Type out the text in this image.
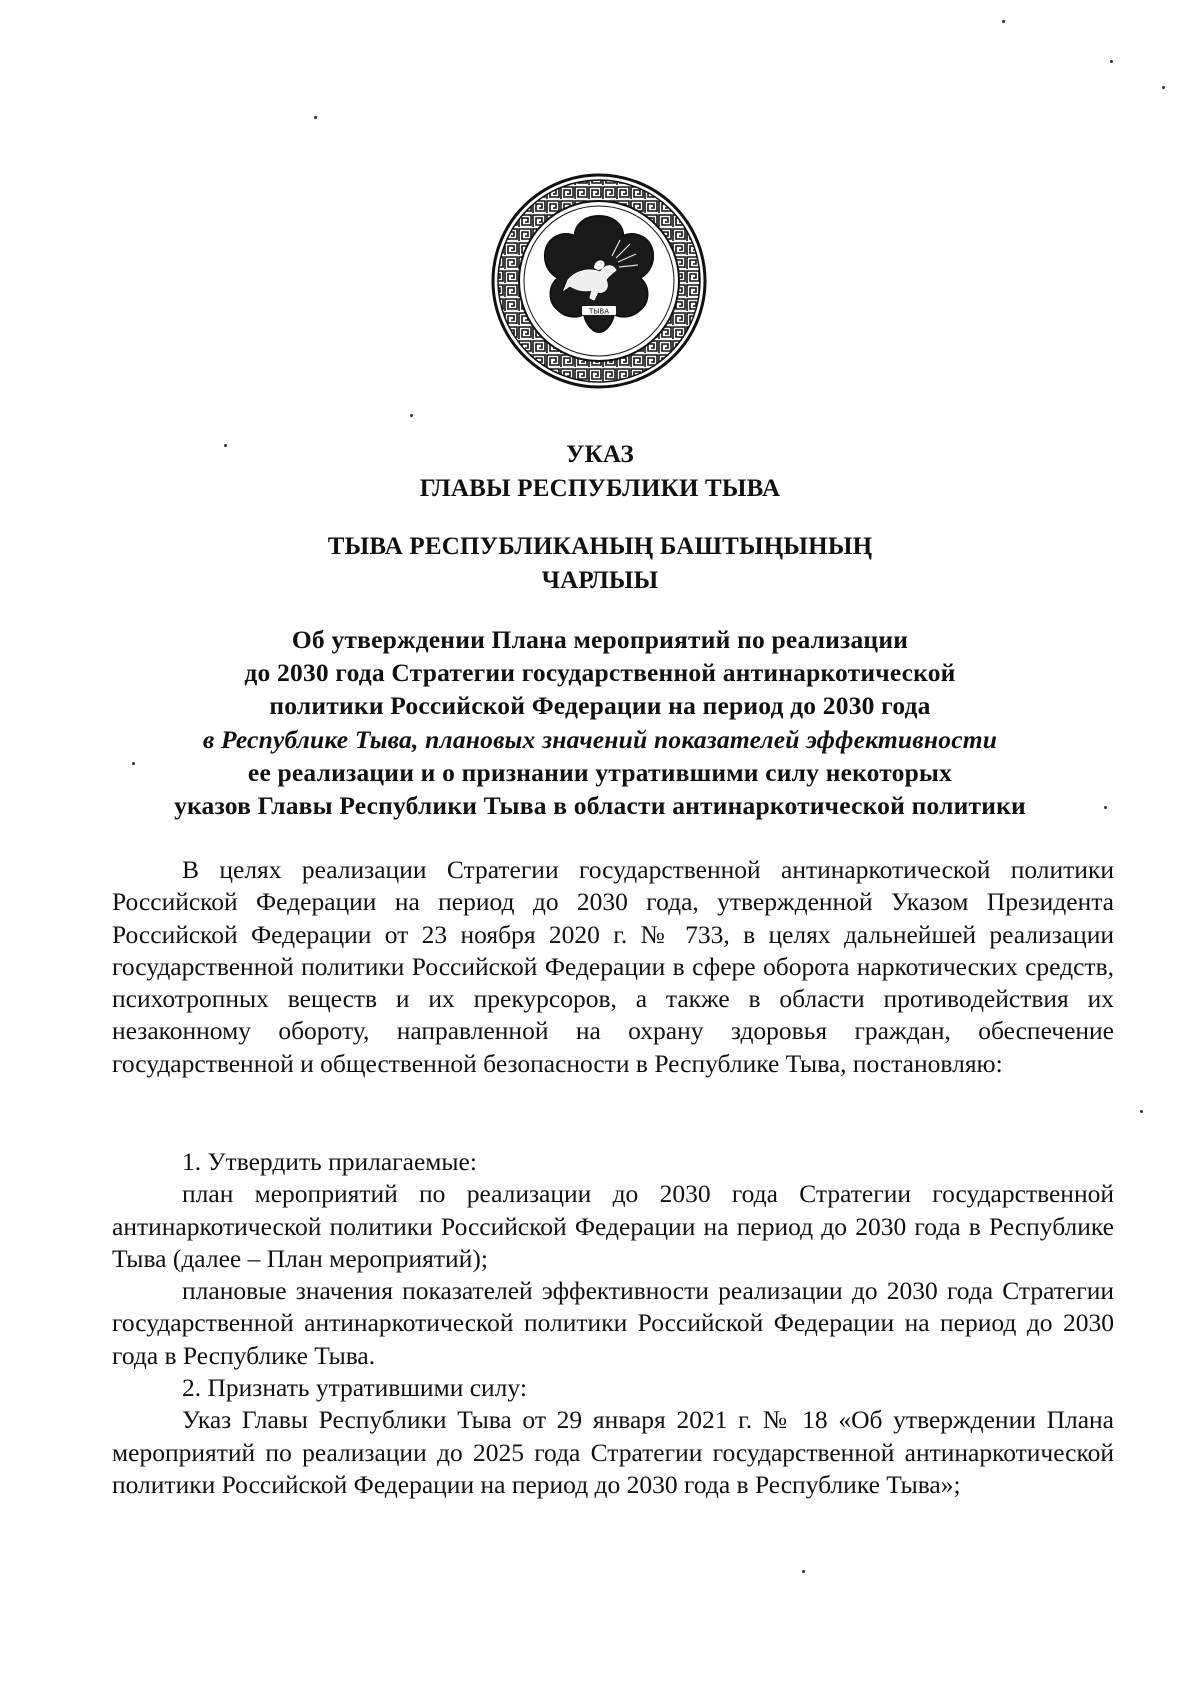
ТЫВА
УКАЗ
ГЛАВЫ РЕСПУБЛИКИ ТЫВА
ТЫВА РЕСПУБЛИКАНЫҢ БАШТЫҢЫНЫҢ
ЧАРЛЫЫ
Об утверждении Плана мероприятий по реализации
до 2030 года Стратегии государственной антинаркотической
политики Российской Федерации на период до 2030 года
в Республике Тыва, плановых значений показателей эффективности
ее реализации и о признании утратившими силу некоторых
указов Главы Республики Тыва в области антинаркотической политики

В целях реализации Стратегии государственной антинаркотической политики Российской Федерации на период до 2030 года, утвержденной Указом Президента Российской Федерации от 23 ноября 2020 г. № 733, в целях дальнейшей реализации государственной политики Российской Федерации в сфере оборота наркотических средств, психотропных веществ и их прекурсоров, а также в области противодействия их незаконному обороту, направленной на охрану здоровья граждан, обеспечение государственной и общественной безопасности в Республике Тыва, постановляю:

1. Утвердить прилагаемые:

план мероприятий по реализации до 2030 года Стратегии государственной антинаркотической политики Российской Федерации на период до 2030 года в Республике Тыва (далее – План мероприятий);

плановые значения показателей эффективности реализации до 2030 года Стратегии государственной антинаркотической политики Российской Федерации на период до 2030 года в Республике Тыва.

2. Признать утратившими силу:

Указ Главы Республики Тыва от 29 января 2021 г. № 18 «Об утверждении Плана мероприятий по реализации до 2025 года Стратегии государственной антинаркотической политики Российской Федерации на период до 2030 года в Республике Тыва»;
